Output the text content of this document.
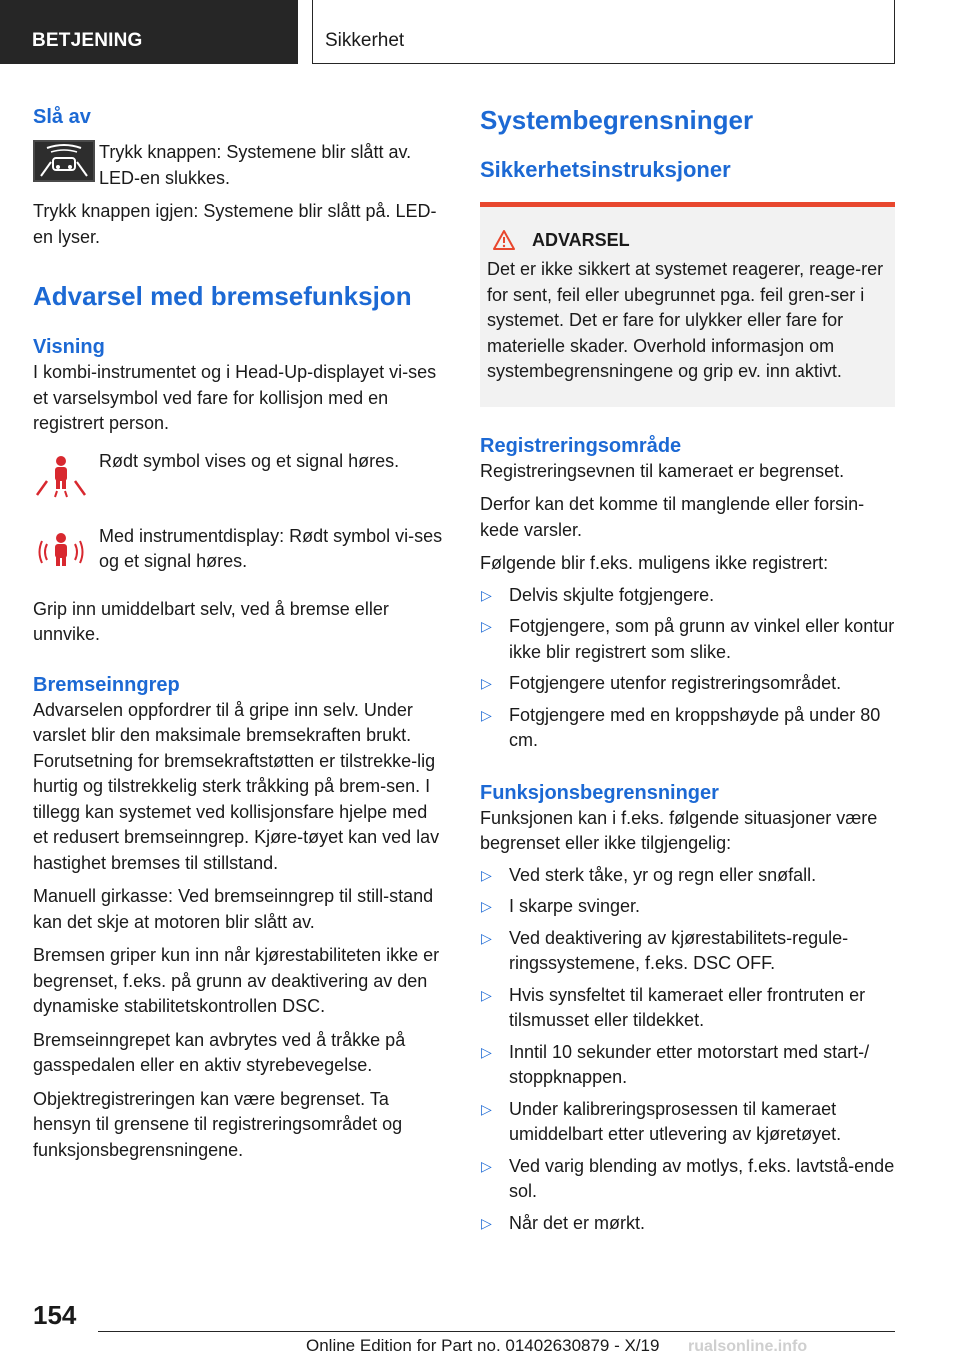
BETJENING	Sikkerhet
Slå av

Trykk knappen: Systemene blir slått av. LED-en slukkes.

Trykk knappen igjen: Systemene blir slått på. LED-en lyser.

Advarsel med bremsefunksjon
Visning

I kombi-instrumentet og i Head-Up-displayet vi-ses et varselsymbol ved fare for kollisjon med en registrert person.

Rødt symbol vises og et signal høres.

Med instrumentdisplay: Rødt symbol vi-ses og et signal høres.

Grip inn umiddelbart selv, ved å bremse eller unnvike.

Bremseinngrep

Advarselen oppfordrer til å gripe inn selv. Under varslet blir den maksimale bremsekraften brukt. Forutsetning for bremsekraftstøtten er tilstrekke-lig hurtig og tilstrekkelig sterk tråkking på brem-sen. I tillegg kan systemet ved kollisjonsfare hjelpe med et redusert bremseinngrep. Kjøre-tøyet kan ved lav hastighet bremses til stillstand.

Manuell girkasse: Ved bremseinngrep til still-stand kan det skje at motoren blir slått av.

Bremsen griper kun inn når kjørestabiliteten ikke er begrenset, f.eks. på grunn av deaktivering av den dynamiske stabilitetskontrollen DSC.

Bremseinngrepet kan avbrytes ved å tråkke på gasspedalen eller en aktiv styrebevegelse.

Objektregistreringen kan være begrenset. Ta hensyn til grensene til registreringsområdet og funksjonsbegrensningene.

Systembegrensninger
Sikkerhetsinstruksjoner
ADVARSEL

Det er ikke sikkert at systemet reagerer, reage-rer for sent, feil eller ubegrunnet pga. feil gren-ser i systemet. Det er fare for ulykker eller fare for materielle skader. Overhold informasjon om systembegrensningene og grip ev. inn aktivt.

Registreringsområde

Registreringsevnen til kameraet er begrenset.

Derfor kan det komme til manglende eller forsin-kede varsler.

Følgende blir f.eks. muligens ikke registrert:

▷ Delvis skjulte fotgjengere.
▷ Fotgjengere, som på grunn av vinkel eller kontur ikke blir registrert som slike.
▷ Fotgjengere utenfor registreringsområdet.
▷ Fotgjengere med en kroppshøyde på under 80 cm.
Funksjonsbegrensninger

Funksjonen kan i f.eks. følgende situasjoner være begrenset eller ikke tilgjengelig:

▷ Ved sterk tåke, yr og regn eller snøfall.
▷ I skarpe svinger.
▷ Ved deaktivering av kjørestabilitets-regule-ringssystemene, f.eks. DSC OFF.
▷ Hvis synsfeltet til kameraet eller frontruten er tilsmusset eller tildekket.
▷ Inntil 10 sekunder etter motorstart med start-/ stoppknappen.
▷ Under kalibreringsprosessen til kameraet umiddelbart etter utlevering av kjøretøyet.
▷ Ved varig blending av motlys, f.eks. lavtstå-ende sol.
▷ Når det er mørkt.
154
Online Edition for Part no. 01402630879 - X/19 rualsonline.info
